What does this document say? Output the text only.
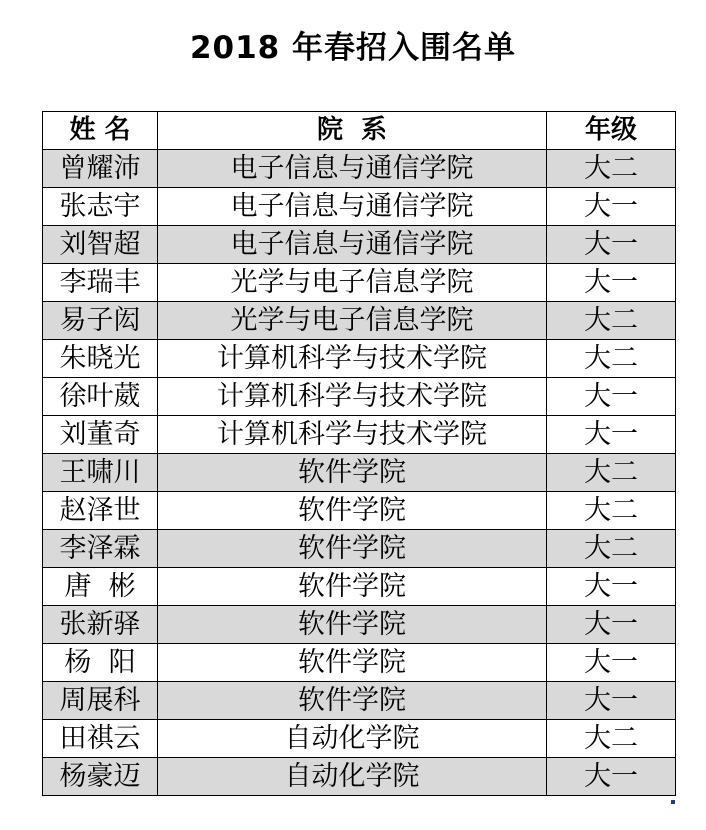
2018 年春招入围名单
姓 名	院  系	年级
曾耀沛	电子信息与通信学院	大二
张志宇	电子信息与通信学院	大一
刘智超	电子信息与通信学院	大一
李瑞丰	光学与电子信息学院	大一
易子闳	光学与电子信息学院	大二
朱晓光	计算机科学与技术学院	大二
徐叶葳	计算机科学与技术学院	大一
刘董奇	计算机科学与技术学院	大一
王啸川	软件学院	大二
赵泽世	软件学院	大二
李泽霖	软件学院	大二
唐  彬	软件学院	大一
张新驿	软件学院	大一
杨  阳	软件学院	大一
周展科	软件学院	大一
田祺云	自动化学院	大二
杨豪迈	自动化学院	大一
